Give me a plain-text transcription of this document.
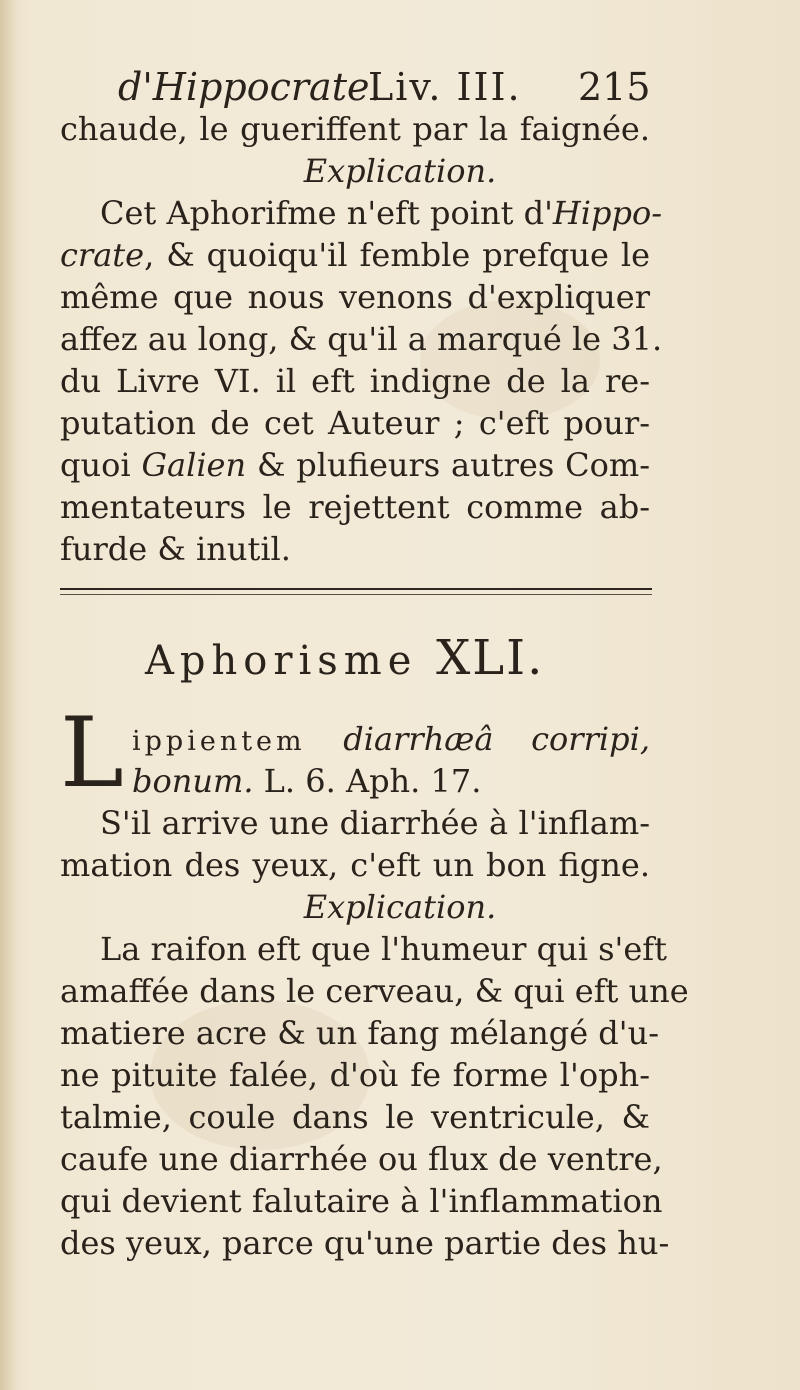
d'Hippocrate.
Liv. III. 215
chaude, le gueriffent par la faignée.
Explication.
Cet Aphorifme n'eft point d'Hippo-
crate, & quoiqu'il femble prefque le
même que nous venons d'expliquer
affez au long, & qu'il a marqué le 31.
du Livre VI. il eft indigne de la re-
putation de cet Auteur ; c'eft pour-
quoi Galien & plufieurs autres Com-
mentateurs le rejettent comme ab-
furde & inutil.
Aphorisme XLI.
L ippientem diarrhæâ corripi,
bonum. L. 6. Aph. 17.
S'il arrive une diarrhée à l'inflam-
mation des yeux, c'eft un bon figne.
Explication.
La raifon eft que l'humeur qui s'eft
amaffée dans le cerveau, & qui eft une
matiere acre & un fang mélangé d'u-
ne pituite falée, d'où fe forme l'oph-
talmie, coule dans le ventricule, &
caufe une diarrhée ou flux de ventre,
qui devient falutaire à l'inflammation
des yeux, parce qu'une partie des hu-
